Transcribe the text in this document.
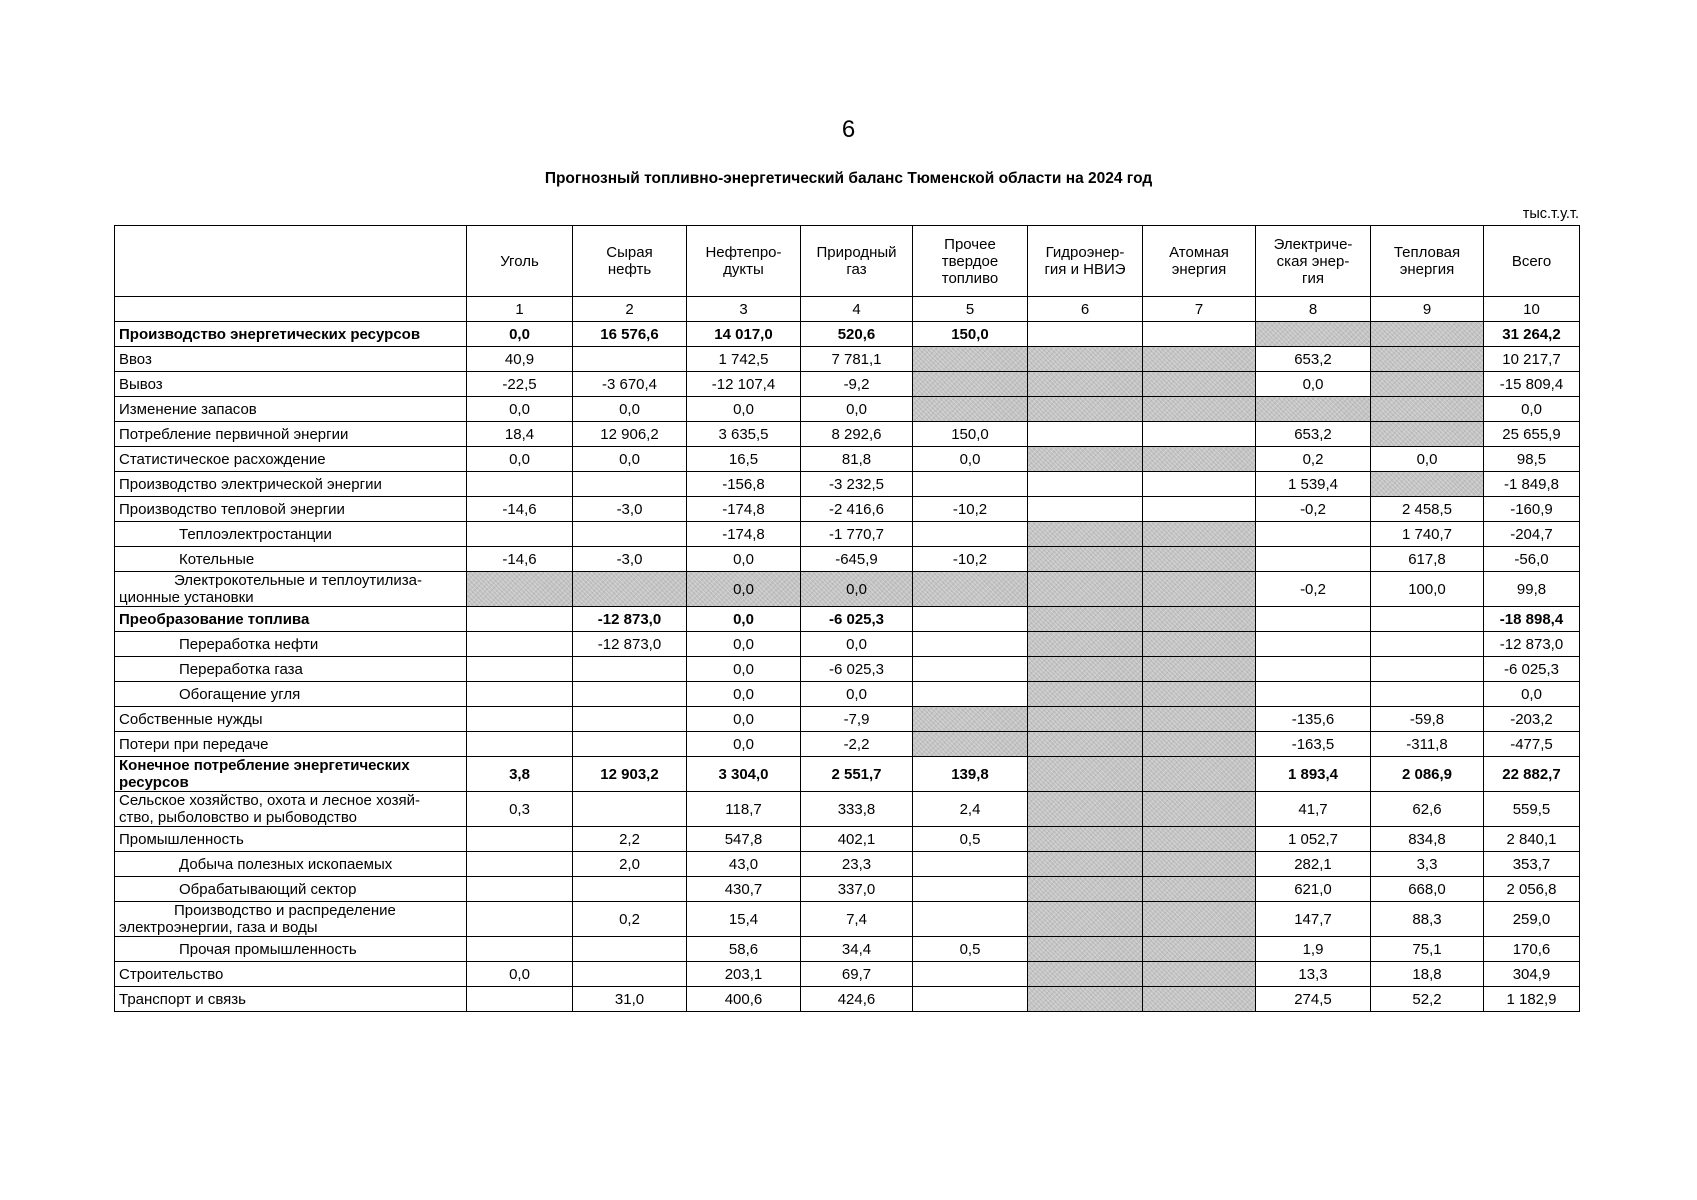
6
Прогнозный топливно-энергетический баланс Тюменской области на 2024 год
тыс.т.у.т.
	Уголь	Сырая
нефть	Нефтепро-
дукты	Природный
газ	Прочее
твердое
топливо	Гидроэнер-
гия и НВИЭ	Атомная
энергия	Электриче-
ская энер-
гия	Тепловая
энергия	Всего
	1	2	3	4	5	6	7	8	9	10
Производство энергетических ресурсов	0,0	16 576,6	14 017,0	520,6	150,0					31 264,2
Ввоз	40,9		1 742,5	7 781,1				653,2		10 217,7
Вывоз	-22,5	-3 670,4	-12 107,4	-9,2				0,0		-15 809,4
Изменение запасов	0,0	0,0	0,0	0,0						0,0
Потребление первичной энергии	18,4	12 906,2	3 635,5	8 292,6	150,0			653,2		25 655,9
Статистическое расхождение	0,0	0,0	16,5	81,8	0,0			0,2	0,0	98,5
Производство электрической энергии			-156,8	-3 232,5				1 539,4		-1 849,8
Производство тепловой энергии	-14,6	-3,0	-174,8	-2 416,6	-10,2			-0,2	2 458,5	-160,9
Теплоэлектростанции			-174,8	-1 770,7					1 740,7	-204,7
Котельные	-14,6	-3,0	0,0	-645,9	-10,2				617,8	-56,0
Электрокотельные и теплоутилиза-
ционные установки			0,0	0,0				-0,2	100,0	99,8
Преобразование топлива		-12 873,0	0,0	-6 025,3						-18 898,4
Переработка нефти		-12 873,0	0,0	0,0						-12 873,0
Переработка газа			0,0	-6 025,3						-6 025,3
Обогащение угля			0,0	0,0						0,0
Собственные нужды			0,0	-7,9				-135,6	-59,8	-203,2
Потери при передаче			0,0	-2,2				-163,5	-311,8	-477,5
Конечное потребление энергетических
ресурсов	3,8	12 903,2	3 304,0	2 551,7	139,8			1 893,4	2 086,9	22 882,7
Сельское хозяйство, охота и лесное хозяй-
ство, рыболовство и рыбоводство	0,3		118,7	333,8	2,4			41,7	62,6	559,5
Промышленность		2,2	547,8	402,1	0,5			1 052,7	834,8	2 840,1
Добыча полезных ископаемых		2,0	43,0	23,3				282,1	3,3	353,7
Обрабатывающий сектор			430,7	337,0				621,0	668,0	2 056,8
Производство и распределение
электроэнергии, газа и воды		0,2	15,4	7,4				147,7	88,3	259,0
Прочая промышленность			58,6	34,4	0,5			1,9	75,1	170,6
Строительство	0,0		203,1	69,7				13,3	18,8	304,9
Транспорт и связь		31,0	400,6	424,6				274,5	52,2	1 182,9
